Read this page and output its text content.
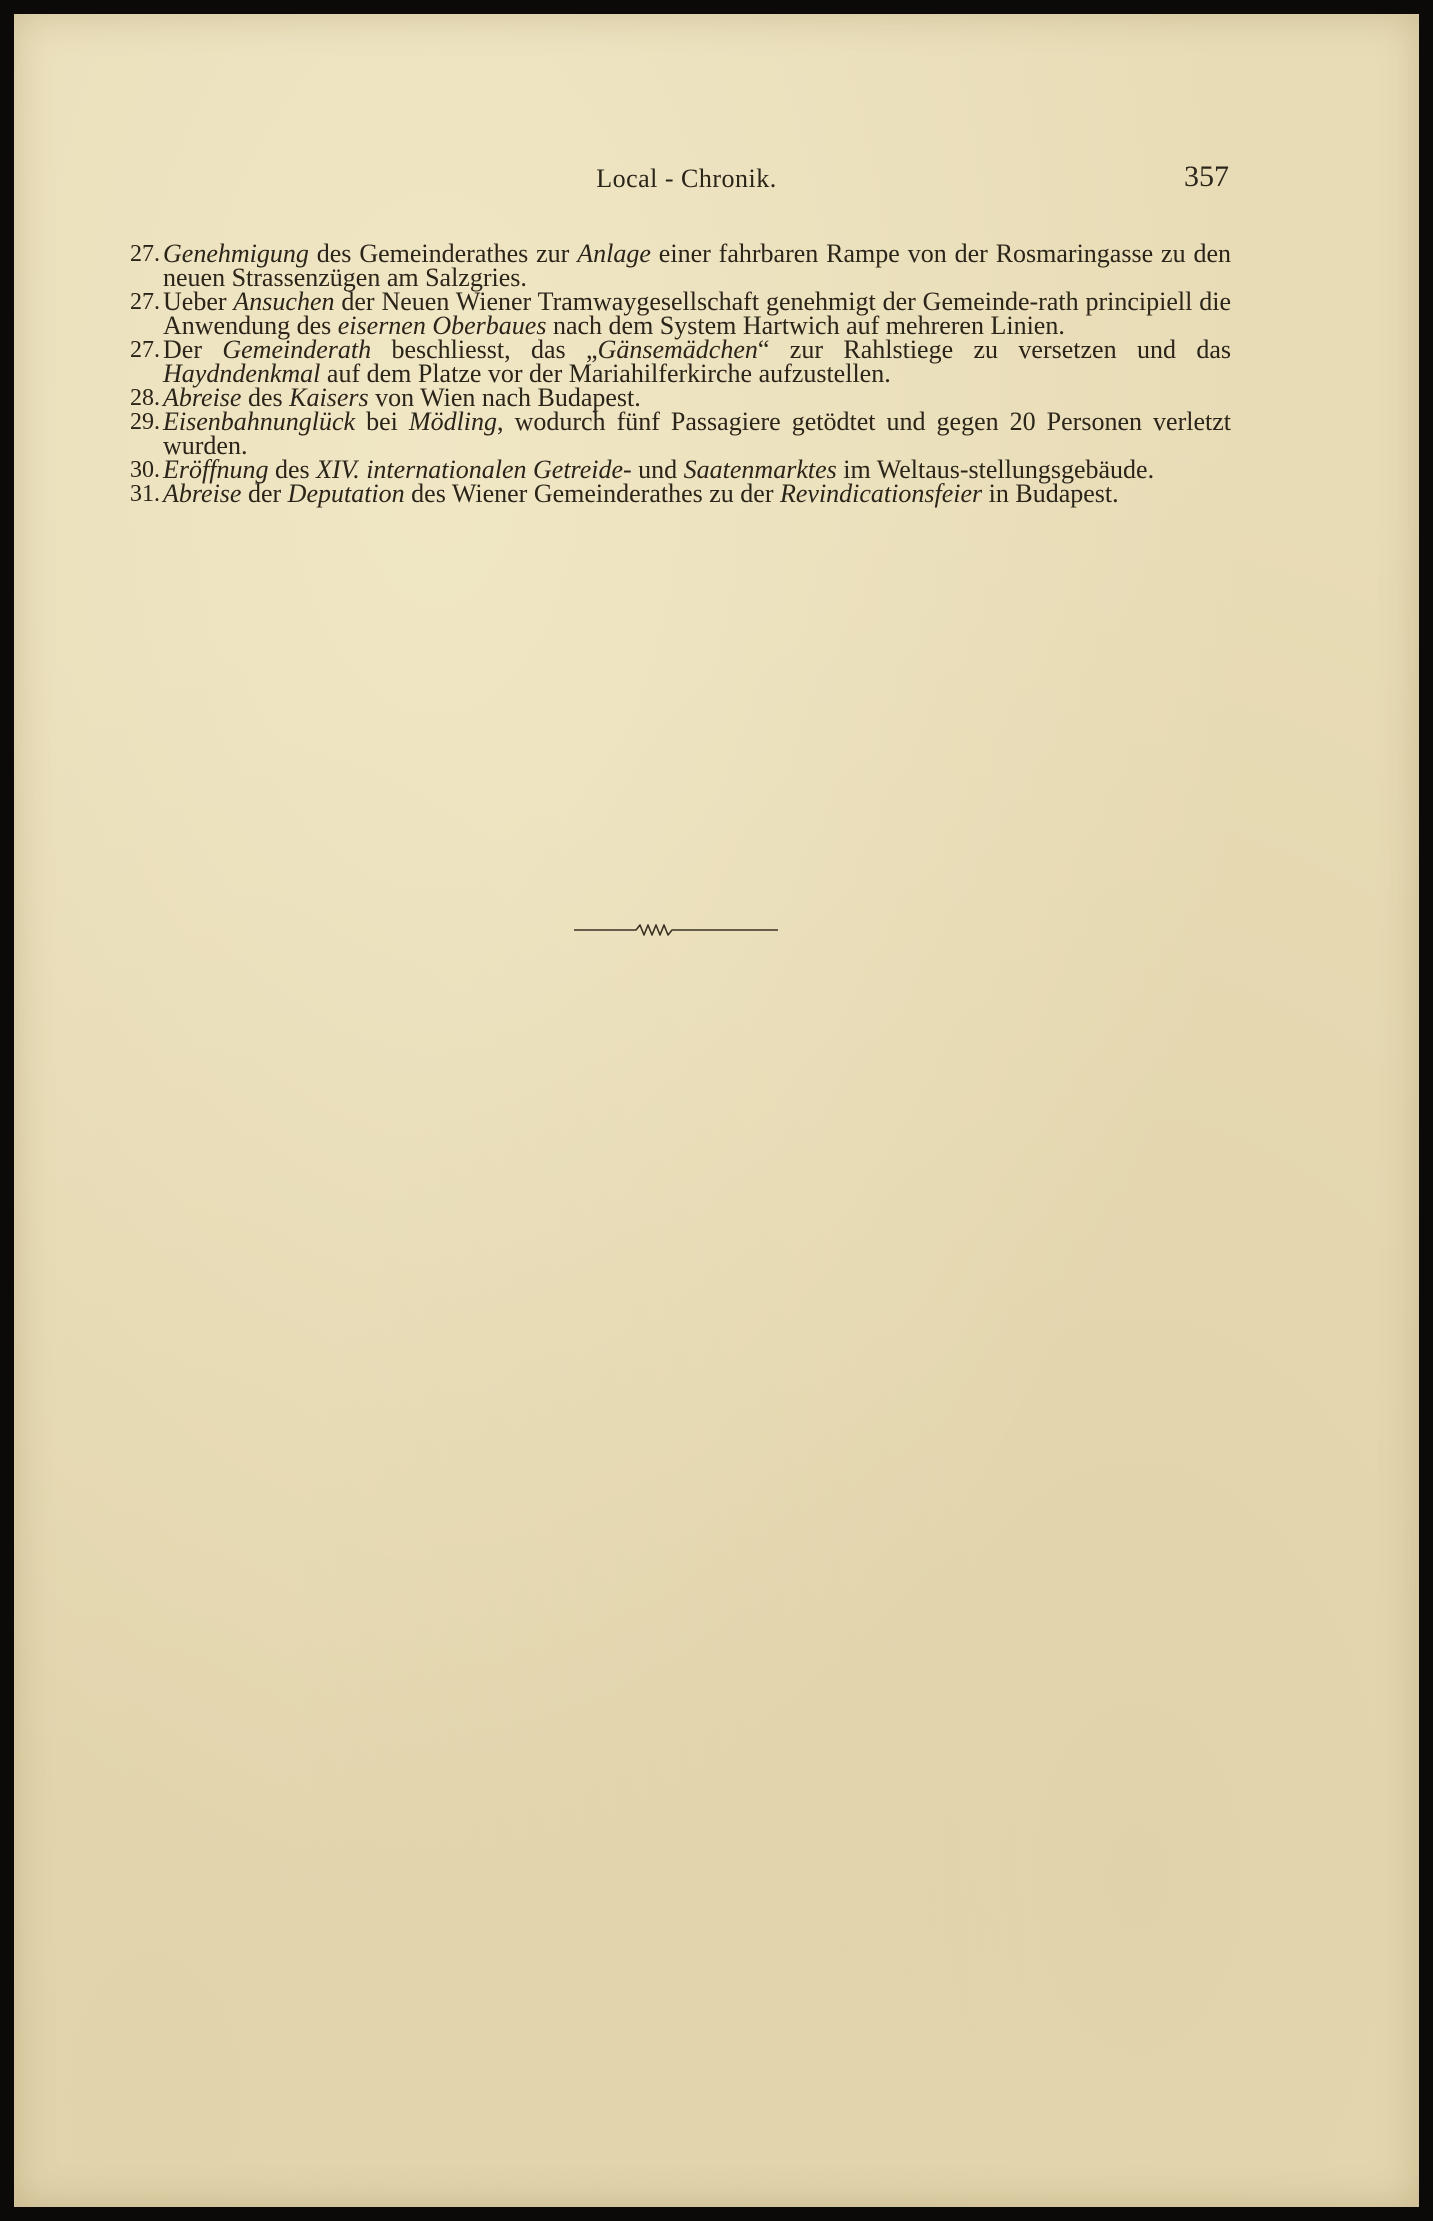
Local - Chronik.	357
27. Genehmigung des Gemeinderathes zur Anlage einer fahrbaren Rampe von der Rosmaringasse zu den neuen Strassenzügen am Salzgries.
27. Ueber Ansuchen der Neuen Wiener Tramwaygesellschaft genehmigt der Gemeinde-rath principiell die Anwendung des eisernen Oberbaues nach dem System Hartwich auf mehreren Linien.
27. Der Gemeinderath beschliesst, das „Gänsemädchen“ zur Rahlstiege zu versetzen und das Haydndenkmal auf dem Platze vor der Mariahilferkirche aufzustellen.
28. Abreise des Kaisers von Wien nach Budapest.
29. Eisenbahnunglück bei Mödling, wodurch fünf Passagiere getödtet und gegen 20 Personen verletzt wurden.
30. Eröffnung des XIV. internationalen Getreide- und Saatenmarktes im Weltaus-stellungsgebäude.
31. Abreise der Deputation des Wiener Gemeinderathes zu der Revindicationsfeier in Budapest.
